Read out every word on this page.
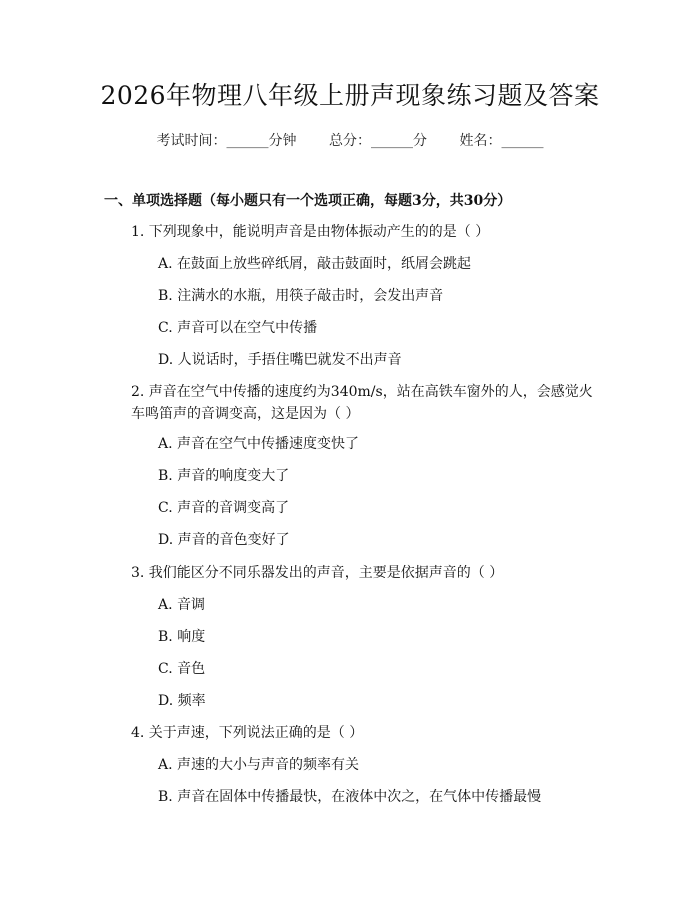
2026年物理八年级上册声现象练习题及答案
考试时间：______分钟 总分：______分 姓名：______
一、单项选择题（每小题只有一个选项正确，每题3分，共30分）
1. 下列现象中，能说明声音是由物体振动产生的的是（ ）
A. 在鼓面上放些碎纸屑，敲击鼓面时，纸屑会跳起
B. 注满水的水瓶，用筷子敲击时，会发出声音
C. 声音可以在空气中传播
D. 人说话时，手捂住嘴巴就发不出声音
2. 声音在空气中传播的速度约为340m/s，站在高铁车窗外的人，会感觉火车鸣笛声的音调变高，这是因为（ ）
A. 声音在空气中传播速度变快了
B. 声音的响度变大了
C. 声音的音调变高了
D. 声音的音色变好了
3. 我们能区分不同乐器发出的声音，主要是依据声音的（ ）
A. 音调
B. 响度
C. 音色
D. 频率
4. 关于声速，下列说法正确的是（ ）
A. 声速的大小与声音的频率有关
B. 声音在固体中传播最快，在液体中次之，在气体中传播最慢
